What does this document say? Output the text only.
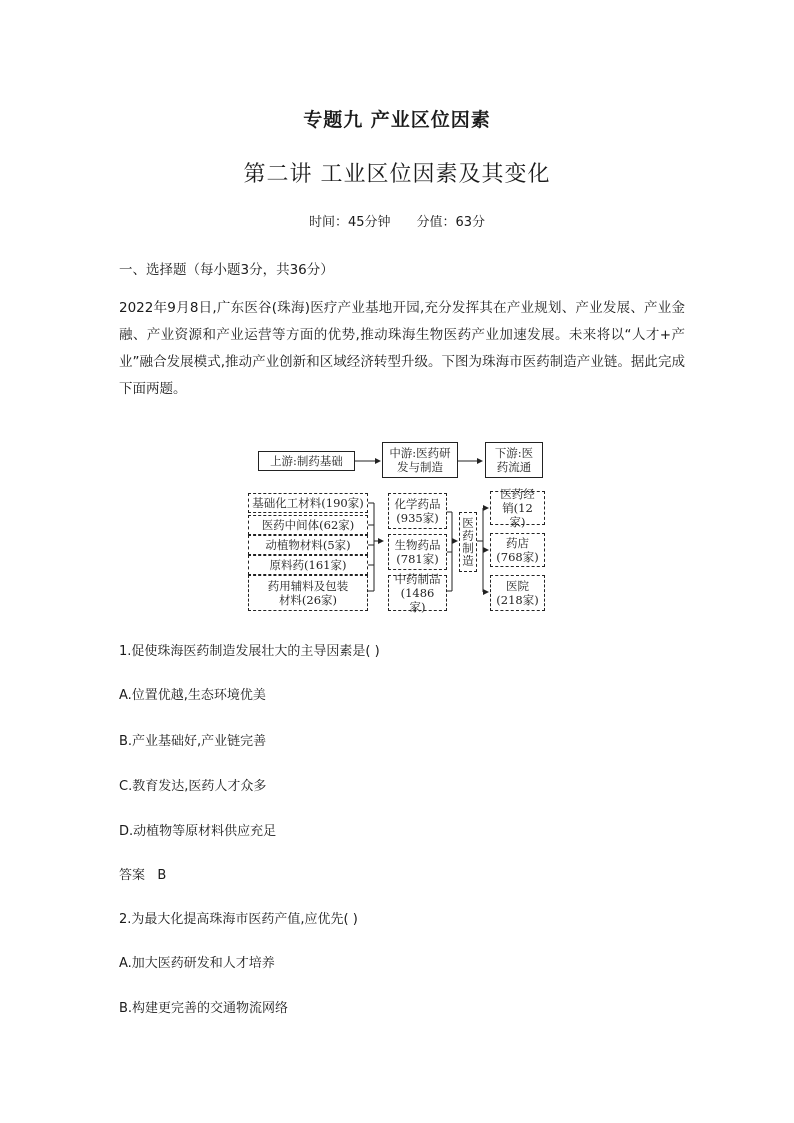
专题九 产业区位因素
第二讲 工业区位因素及其变化
时间：45分钟 分值：63分
一、选择题（每小题3分，共36分）
2022年9月8日,广东医谷(珠海)医疗产业基地开园,充分发挥其在产业规划、产业发展、产业金融、产业资源和产业运营等方面的优势,推动珠海生物医药产业加速发展。未来将以“人才+产业”融合发展模式,推动产业创新和区域经济转型升级。下图为珠海市医药制造产业链。据此完成下面两题。
上游:制药基础
中游:医药研发与制造
下游:医药流通
基础化工材料(190家)
医药中间体(62家)
动植物材料(5家)
原料药(161家)
药用辅料及包装材料(26家)
化学药品(935家)
生物药品(781家)
中药制品(1486家)
医药制造
医药经销(12家)
药店(768家)
医院(218家)
1.促使珠海医药制造发展壮大的主导因素是( )
A.位置优越,生态环境优美
B.产业基础好,产业链完善
C.教育发达,医药人才众多
D.动植物等原材料供应充足
答案   B
2.为最大化提高珠海市医药产值,应优先( )
A.加大医药研发和人才培养
B.构建更完善的交通物流网络
